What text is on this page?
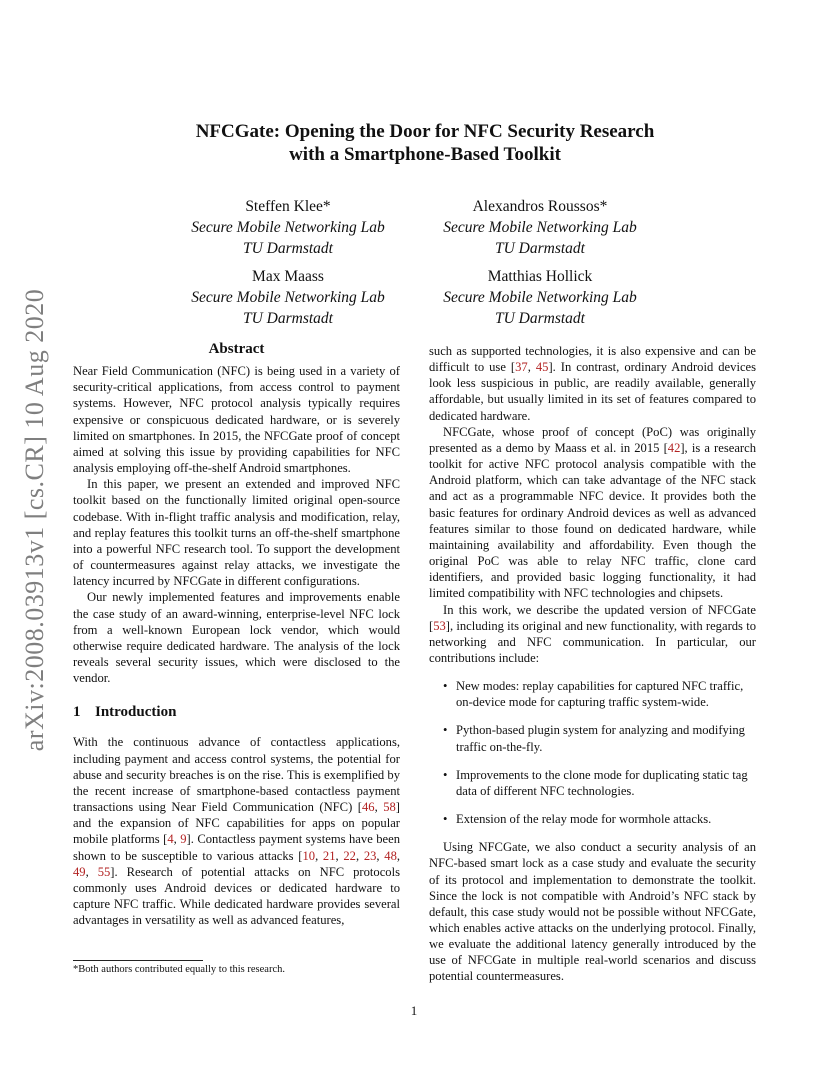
arXiv:2008.03913v1 [cs.CR] 10 Aug 2020
NFCGate: Opening the Door for NFC Security Research
with a Smartphone-Based Toolkit
Steffen Klee*
Secure Mobile Networking Lab
TU Darmstadt
Alexandros Roussos*
Secure Mobile Networking Lab
TU Darmstadt
Max Maass
Secure Mobile Networking Lab
TU Darmstadt
Matthias Hollick
Secure Mobile Networking Lab
TU Darmstadt
Abstract

Near Field Communication (NFC) is being used in a variety of security-critical applications, from access control to payment systems. However, NFC protocol analysis typically requires expensive or conspicuous dedicated hardware, or is severely limited on smartphones. In 2015, the NFCGate proof of concept aimed at solving this issue by providing capabilities for NFC analysis employing off-the-shelf Android smartphones.

In this paper, we present an extended and improved NFC toolkit based on the functionally limited original open-source codebase. With in-flight traffic analysis and modification, relay, and replay features this toolkit turns an off-the-shelf smartphone into a powerful NFC research tool. To support the development of countermeasures against relay attacks, we investigate the latency incurred by NFCGate in different configurations.

Our newly implemented features and improvements enable the case study of an award-winning, enterprise-level NFC lock from a well-known European lock vendor, which would otherwise require dedicated hardware. The analysis of the lock reveals several security issues, which were disclosed to the vendor.

1 Introduction

With the continuous advance of contactless applications, including payment and access control systems, the potential for abuse and security breaches is on the rise. This is exemplified by the recent increase of smartphone-based contactless payment transactions using Near Field Communication (NFC) [46, 58] and the expansion of NFC capabilities for apps on popular mobile platforms [4, 9]. Contactless payment systems have been shown to be susceptible to various attacks [10, 21, 22, 23, 48, 49, 55]. Research of potential attacks on NFC protocols commonly uses Android devices or dedicated hardware to capture NFC traffic. While dedicated hardware provides several advantages in versatility as well as advanced features,

such as supported technologies, it is also expensive and can be difficult to use [37, 45]. In contrast, ordinary Android devices look less suspicious in public, are readily available, generally affordable, but usually limited in its set of features compared to dedicated hardware.

NFCGate, whose proof of concept (PoC) was originally presented as a demo by Maass et al. in 2015 [42], is a research toolkit for active NFC protocol analysis compatible with the Android platform, which can take advantage of the NFC stack and act as a programmable NFC device. It provides both the basic features for ordinary Android devices as well as advanced features similar to those found on dedicated hardware, while maintaining availability and affordability. Even though the original PoC was able to relay NFC traffic, clone card identifiers, and provided basic logging functionality, it had limited compatibility with NFC technologies and chipsets.

In this work, we describe the updated version of NFCGate [53], including its original and new functionality, with regards to networking and NFC communication. In particular, our contributions include:

• New modes: replay capabilities for captured NFC traffic, on-device mode for capturing traffic system-wide.
• Python-based plugin system for analyzing and modifying traffic on-the-fly.
• Improvements to the clone mode for duplicating static tag data of different NFC technologies.
• Extension of the relay mode for wormhole attacks.

Using NFCGate, we also conduct a security analysis of an NFC-based smart lock as a case study and evaluate the security of its protocol and implementation to demonstrate the toolkit. Since the lock is not compatible with Android’s NFC stack by default, this case study would not be possible without NFCGate, which enables active attacks on the underlying protocol. Finally, we evaluate the additional latency generally introduced by the use of NFCGate in multiple real-world scenarios and discuss potential countermeasures.

*Both authors contributed equally to this research.
1
